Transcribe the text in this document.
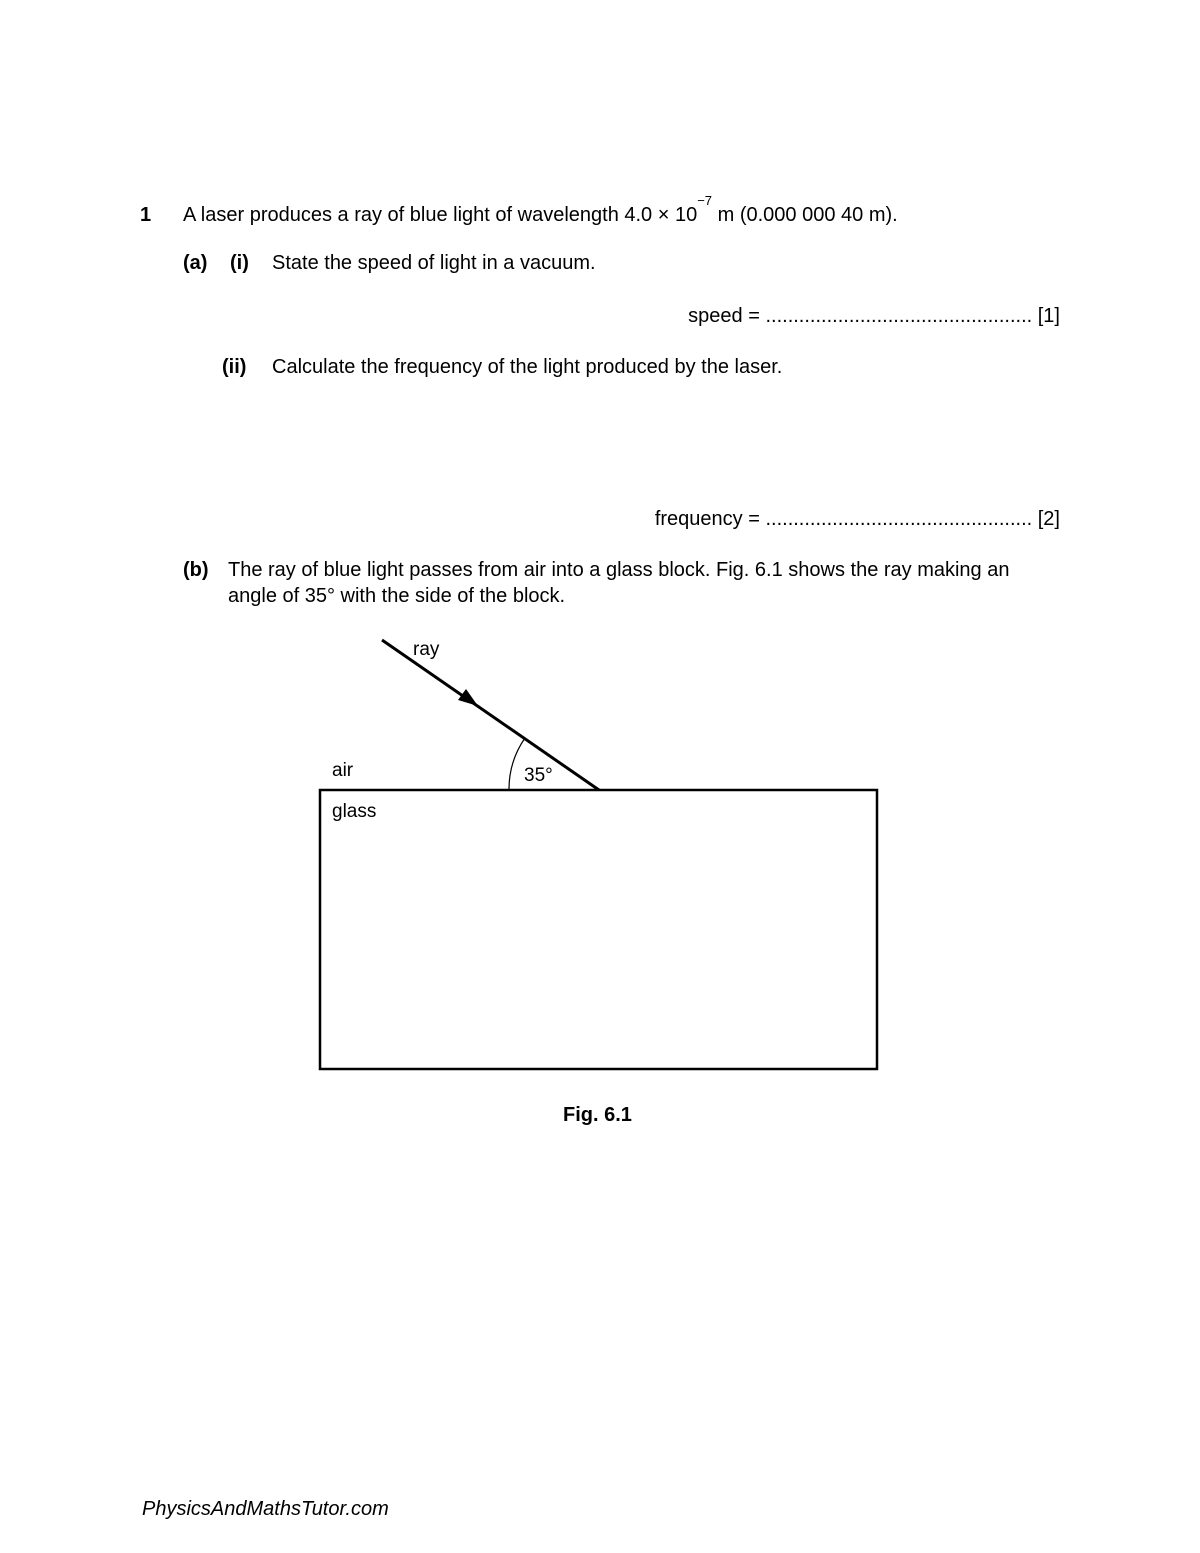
1 A laser produces a ray of blue light of wavelength $4.0 \times 10^{-7}$ m (0.000 000 40 m).
(a) (i) State the speed of light in a vacuum.
speed = ................................................ [1]
(ii) Calculate the frequency of the light produced by the laser.
frequency = ................................................ [2]
(b) The ray of blue light passes from air into a glass block. Fig. 6.1 shows the ray making an
angle of 35° with the side of the block.
ray
air
glass
35°
Fig. 6.1
PhysicsAndMathsTutor.com
